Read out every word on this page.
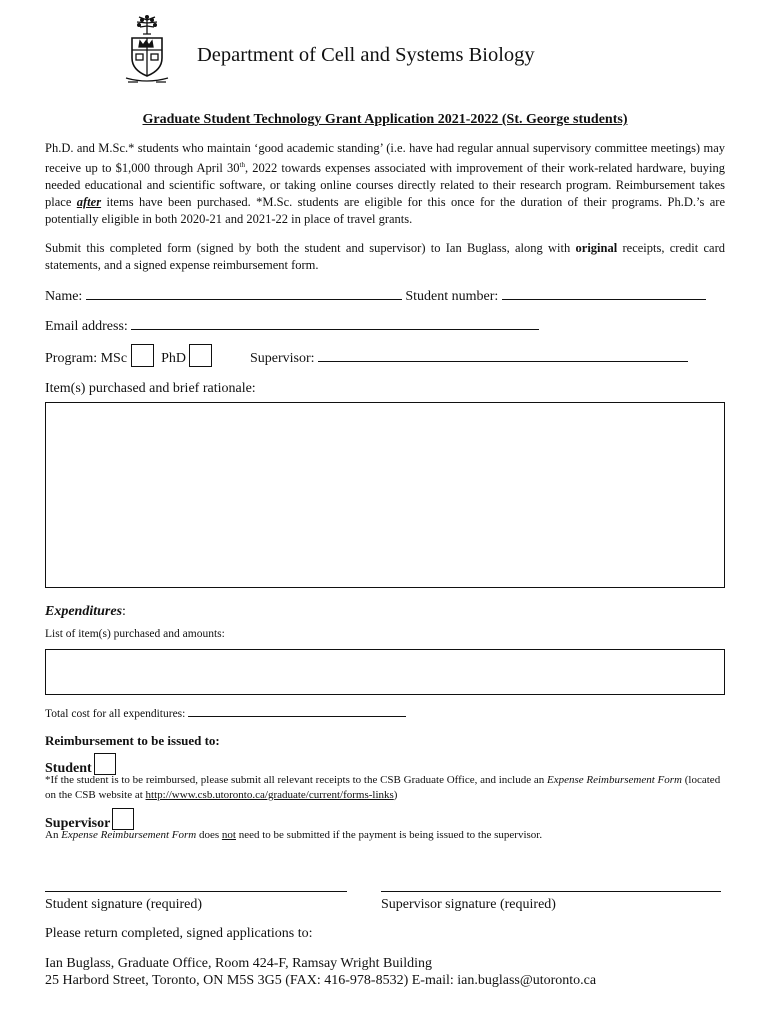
Department of Cell and Systems Biology
Graduate Student Technology Grant Application 2021-2022 (St. George students)
Ph.D. and M.Sc.* students who maintain ‘good academic standing’ (i.e. have had regular annual supervisory committee meetings) may receive up to $1,000 through April 30th, 2022 towards expenses associated with improvement of their work-related hardware, buying needed educational and scientific software, or taking online courses directly related to their research program. Reimbursement takes place after items have been purchased. *M.Sc. students are eligible for this once for the duration of their programs. Ph.D.’s are potentially eligible in both 2020-21 and 2021-22 in place of travel grants.
Submit this completed form (signed by both the student and supervisor) to Ian Buglass, along with original receipts, credit card statements, and a signed expense reimbursement form.
Name:	Student number:
Email address:
Program: MSc PhD	Supervisor:
Item(s) purchased and brief rationale:
Expenditures:
List of item(s) purchased and amounts:
Total cost for all expenditures:
Reimbursement to be issued to:
Student
*If the student is to be reimbursed, please submit all relevant receipts to the CSB Graduate Office, and include an Expense Reimbursement Form (located on the CSB website at http://www.csb.utoronto.ca/graduate/current/forms-links)
Supervisor
An Expense Reimbursement Form does not need to be submitted if the payment is being issued to the supervisor.
Student signature (required)	Supervisor signature (required)
Please return completed, signed applications to:
Ian Buglass, Graduate Office, Room 424-F, Ramsay Wright Building
25 Harbord Street, Toronto, ON M5S 3G5 (FAX: 416-978-8532) E-mail: ian.buglass@utoronto.ca
